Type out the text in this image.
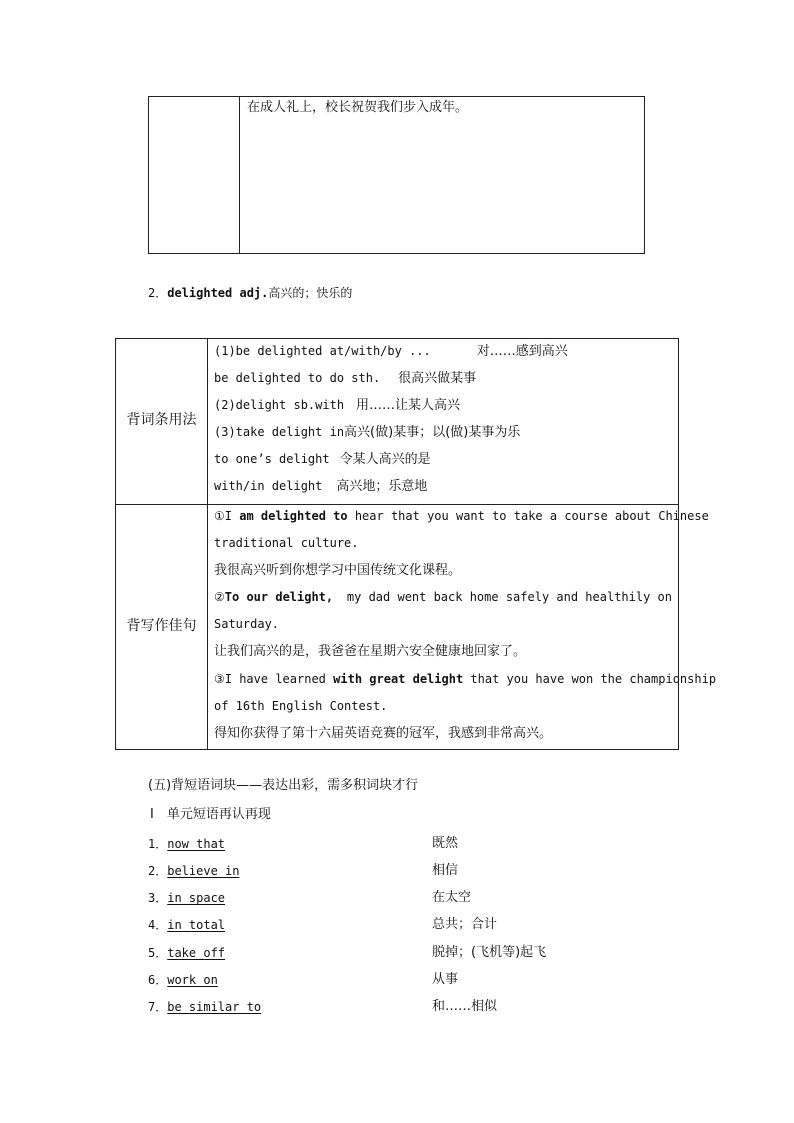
在成人礼上，校长祝贺我们步入成年。
2．delighted adj.高兴的；快乐的
背词条用法
(1)be delighted at/with/by ...	对……感到高兴
be delighted to do sth. 很高兴做某事
(2)delight sb.with 用……让某人高兴
(3)take delight in高兴(做)某事；以(做)某事为乐
to one’s delight 令某人高兴的是
with/in delight 高兴地；乐意地
背写作佳句
①I am delighted to hear that you want to take a course about Chinese
traditional culture.
我很高兴听到你想学习中国传统文化课程。
②To our delight, my dad went back home safely and healthily on
Saturday.
让我们高兴的是，我爸爸在星期六安全健康地回家了。
③I have learned with great delight that you have won the championship
of 16th English Contest.
得知你获得了第十六届英语竞赛的冠军，我感到非常高兴。
(五)背短语词块——表达出彩，需多积词块才行
Ⅰ　单元短语再认再现
1．now that	既然
2．believe in	相信
3．in space	在太空
4．in total	总共；合计
5．take off	脱掉；(飞机等)起飞
6．work on	从事
7．be similar to	和……相似
